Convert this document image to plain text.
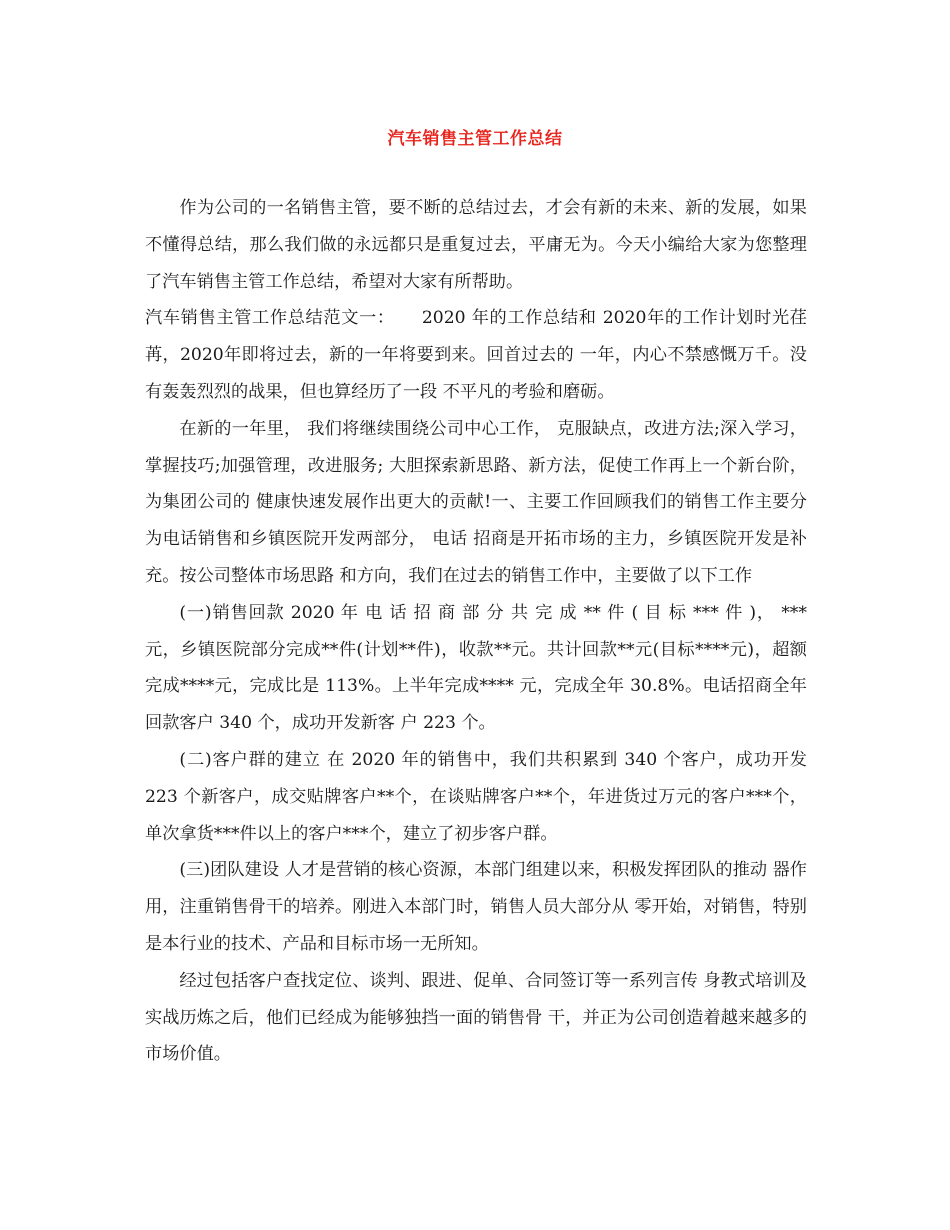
汽车销售主管工作总结

作为公司的一名销售主管，要不断的总结过去，才会有新的未来、新的发展，如果不懂得总结，那么我们做的永远都只是重复过去，平庸无为。今天小编给大家为您整理了汽车销售主管工作总结，希望对大家有所帮助。

汽车销售主管工作总结范文一：　　2020 年的工作总结和 2020年的工作计划时光荏苒，2020年即将过去，新的一年将要到来。回首过去的 一年，内心不禁感慨万千。没有轰轰烈烈的战果，但也算经历了一段 不平凡的考验和磨砺。

在新的一年里， 我们将继续围绕公司中心工作， 克服缺点，改进方法;深入学习，掌握技巧;加强管理，改进服务; 大胆探索新思路、新方法，促使工作再上一个新台阶，为集团公司的 健康快速发展作出更大的贡献!一、主要工作回顾我们的销售工作主要分为电话销售和乡镇医院开发两部分， 电话 招商是开拓市场的主力，乡镇医院开发是补充。按公司整体市场思路 和方向，我们在过去的销售工作中，主要做了以下工作

(一)销售回款 2020 年 电 话 招 商 部 分 共 完 成 ** 件 ( 目 标 *** 件 )， *** 元，乡镇医院部分完成**件(计划**件)，收款**元。共计回款**元(目标****元)，超额完成****元，完成比是 113%。上半年完成**** 元，完成全年 30.8%。电话招商全年回款客户 340 个，成功开发新客 户 223 个。

(二)客户群的建立 在 2020 年的销售中，我们共积累到 340 个客户，成功开发 223 个新客户，成交贴牌客户**个，在谈贴牌客户**个，年进货过万元的客户***个，单次拿货***件以上的客户***个，建立了初步客户群。

(三)团队建设 人才是营销的核心资源，本部门组建以来，积极发挥团队的推动 器作用，注重销售骨干的培养。刚进入本部门时，销售人员大部分从 零开始，对销售，特别是本行业的技术、产品和目标市场一无所知。

经过包括客户查找定位、谈判、跟进、促单、合同签订等一系列言传 身教式培训及实战历炼之后，他们已经成为能够独挡一面的销售骨 干，并正为公司创造着越来越多的市场价值。
